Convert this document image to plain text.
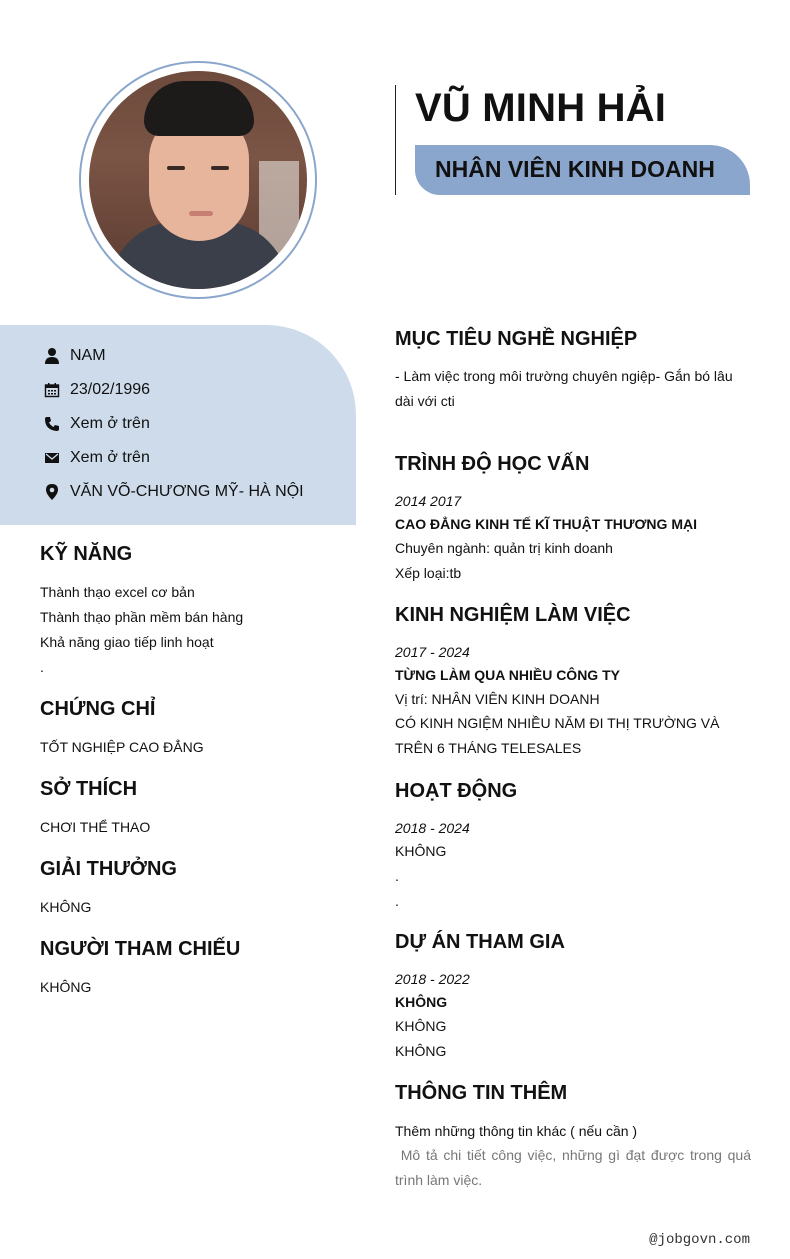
VŨ MINH HẢI
NHÂN VIÊN KINH DOANH
NAM
23/02/1996
Xem ở trên
Xem ở trên
VĂN VÕ-CHƯƠNG MỸ- HÀ NỘI
KỸ NĂNG
Thành thạo excel cơ bản
Thành thạo phần mềm bán hàng
Khả năng giao tiếp linh hoạt
.
CHỨNG CHỈ
TỐT NGHIỆP CAO ĐẲNG
SỞ THÍCH
CHƠI THỂ THAO
GIẢI THƯỞNG
KHÔNG
NGƯỜI THAM CHIẾU
KHÔNG
MỤC TIÊU NGHỀ NGHIỆP
- Làm việc trong môi trường chuyên ngiệp- Gắn bó lâu dài với cti
TRÌNH ĐỘ HỌC VẤN
2014 2017
CAO ĐẲNG KINH TẾ KĨ THUẬT THƯƠNG MẠI
Chuyên ngành: quản trị kinh doanh
Xếp loại:tb
KINH NGHIỆM LÀM VIỆC
2017 - 2024
TỪNG LÀM QUA NHIỀU CÔNG TY
Vị trí: NHÂN VIÊN KINH DOANH
CÓ KINH NGIỆM NHIỀU NĂM ĐI THỊ TRƯỜNG VÀ TRÊN 6 THÁNG TELESALES
HOẠT ĐỘNG
2018 - 2024
KHÔNG
.
.
DỰ ÁN THAM GIA
2018 - 2022
KHÔNG
KHÔNG
KHÔNG
THÔNG TIN THÊM
Thêm những thông tin khác ( nếu cần )
Mô tả chi tiết công việc, những gì đạt được trong quá trình làm việc.
@jobgovn.com
